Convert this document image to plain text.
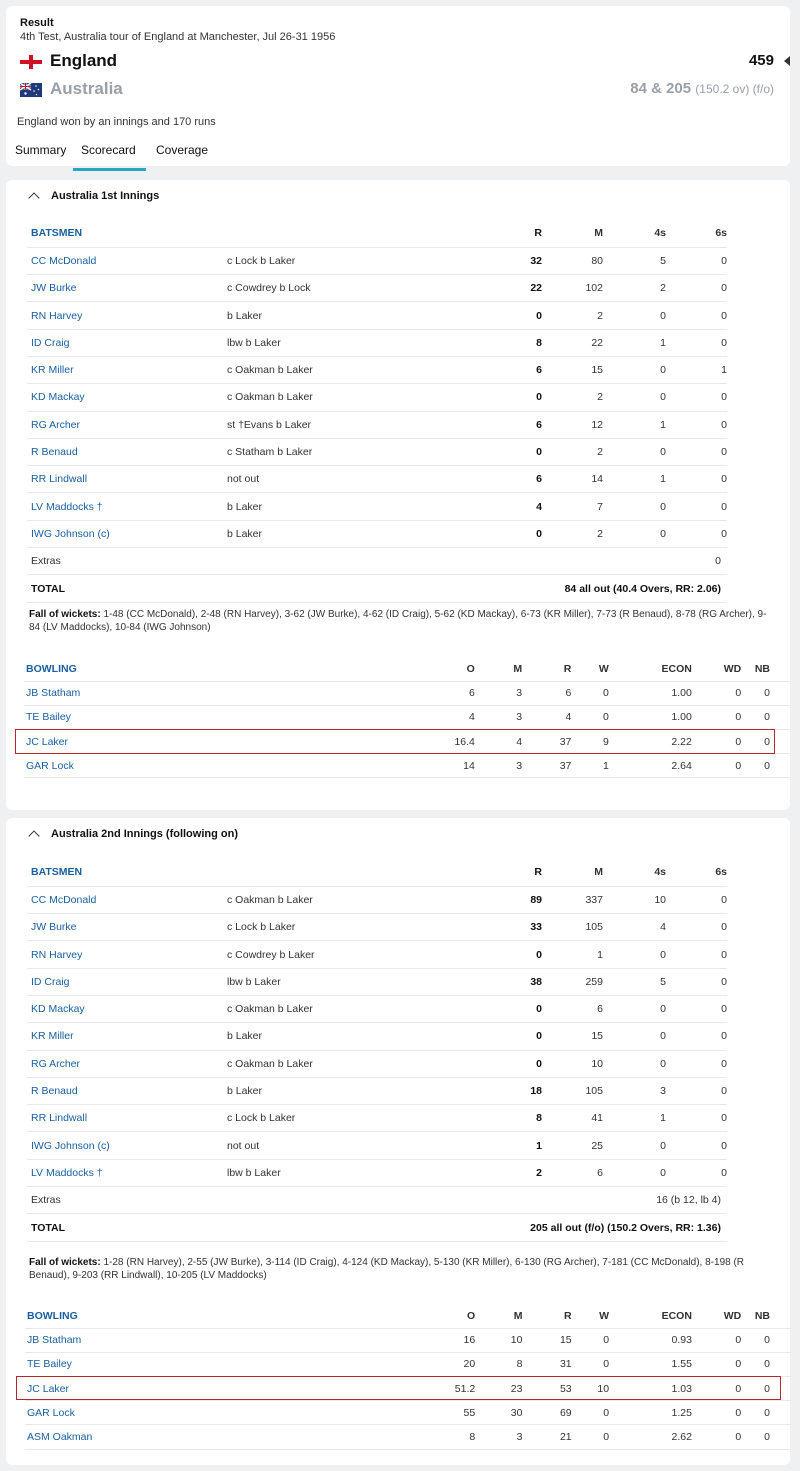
Result
4th Test, Australia tour of England at Manchester, Jul 26-31 1956
England	459
Australia	84 & 205 (150.2 ov) (f/o)
England won by an innings and 170 runs
Summary Scorecard Coverage
Australia 1st Innings
BATSMEN		R	M	4s	6s
CC McDonald	c Lock b Laker	32	80	5	0
JW Burke	c Cowdrey b Lock	22	102	2	0
RN Harvey	b Laker	0	2	0	0
ID Craig	lbw b Laker	8	22	1	0
KR Miller	c Oakman b Laker	6	15	0	1
KD Mackay	c Oakman b Laker	0	2	0	0
RG Archer	st †Evans b Laker	6	12	1	0
R Benaud	c Statham b Laker	0	2	0	0
RR Lindwall	not out	6	14	1	0
LV Maddocks †	b Laker	4	7	0	0
IWG Johnson (c)	b Laker	0	2	0	0
Extras	0				
TOTAL	84 all out (40.4 Overs, RR: 2.06)				
Fall of wickets: 1-48 (CC McDonald), 2-48 (RN Harvey), 3-62 (JW Burke), 4-62 (ID Craig), 5-62 (KD Mackay), 6-73 (KR Miller), 7-73 (R Benaud), 8-78 (RG Archer), 9-84 (LV Maddocks), 10-84 (IWG Johnson)
BOWLING	O	M	R	W	ECON	WD	NB
JB Statham	6	3	6	0	1.00	0	0
TE Bailey	4	3	4	0	1.00	0	0
JC Laker	16.4	4	37	9	2.22	0	0
GAR Lock	14	3	37	1	2.64	0	0
Australia 2nd Innings (following on)
BATSMEN		R	M	4s	6s
CC McDonald	c Oakman b Laker	89	337	10	0
JW Burke	c Lock b Laker	33	105	4	0
RN Harvey	c Cowdrey b Laker	0	1	0	0
ID Craig	lbw b Laker	38	259	5	0
KD Mackay	c Oakman b Laker	0	6	0	0
KR Miller	b Laker	0	15	0	0
RG Archer	c Oakman b Laker	0	10	0	0
R Benaud	b Laker	18	105	3	0
RR Lindwall	c Lock b Laker	8	41	1	0
IWG Johnson (c)	not out	1	25	0	0
LV Maddocks †	lbw b Laker	2	6	0	0
Extras	16 (b 12, lb 4)				
TOTAL	205 all out (f/o) (150.2 Overs, RR: 1.36)				
Fall of wickets: 1-28 (RN Harvey), 2-55 (JW Burke), 3-114 (ID Craig), 4-124 (KD Mackay), 5-130 (KR Miller), 6-130 (RG Archer), 7-181 (CC McDonald), 8-198 (R Benaud), 9-203 (RR Lindwall), 10-205 (LV Maddocks)
BOWLING	O	M	R	W	ECON	WD	NB
JB Statham	16	10	15	0	0.93	0	0
TE Bailey	20	8	31	0	1.55	0	0
JC Laker	51.2	23	53	10	1.03	0	0
GAR Lock	55	30	69	0	1.25	0	0
ASM Oakman	8	3	21	0	2.62	0	0
